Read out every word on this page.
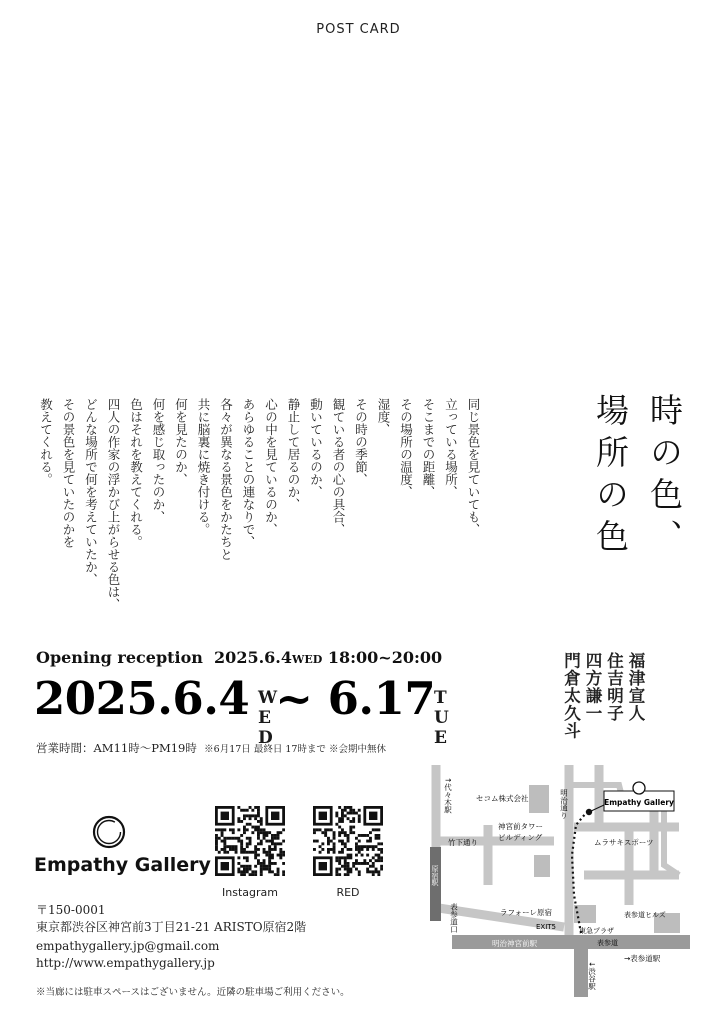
POST CARD
同じ景色を見ていても、
立っている場所、
そこまでの距離、
その場所の温度、
湿度、
その時の季節、
観ている者の心の具合、
動いているのか、
静止して居るのか、
心の中を見ているのか、
あらゆることの連なりで、
各々が異なる景色をかたちと
共に脳裏に焼き付ける。
何を見たのか、
何を感じ取ったのか、
色はそれを教えてくれる。
四人の作家の浮かび上がらせる色は、
どんな場所で何を考えていたか、
その景色を見ていたのかを
教えてくれる。	時の色、
場所の色
福津宣人
住吉明子
四方謙一
門倉太久斗
Opening reception 2025.6.4WED 18:00~20:00
2025.6.4 ~ 6.17
W
E
D
T
U
E
営業時間：AM11時～PM19時 ※6月17日 最終日 17時まで ※会期中無休
Empathy Gallery
Instagram	RED
〒150-0001
東京都渋谷区神宮前3丁目21-21 ARISTO原宿2階
empathygallery.jp@gmail.com
http://www.empathygallery.jp
※当廊には駐車スペースはございません。近隣の駐車場ご利用ください。
Empathy Gallery
↑代々木駅	明治通り
セコム株式会社
神宮前タワー
ビルディング
竹下通り
原宿駅
表参道口
ムラサキスポーツ
ラフォーレ原宿
EXIT5	東急プラザ
表参道ヒルズ
表参道
明治神宮前駅
→表参道駅
↓渋谷駅
